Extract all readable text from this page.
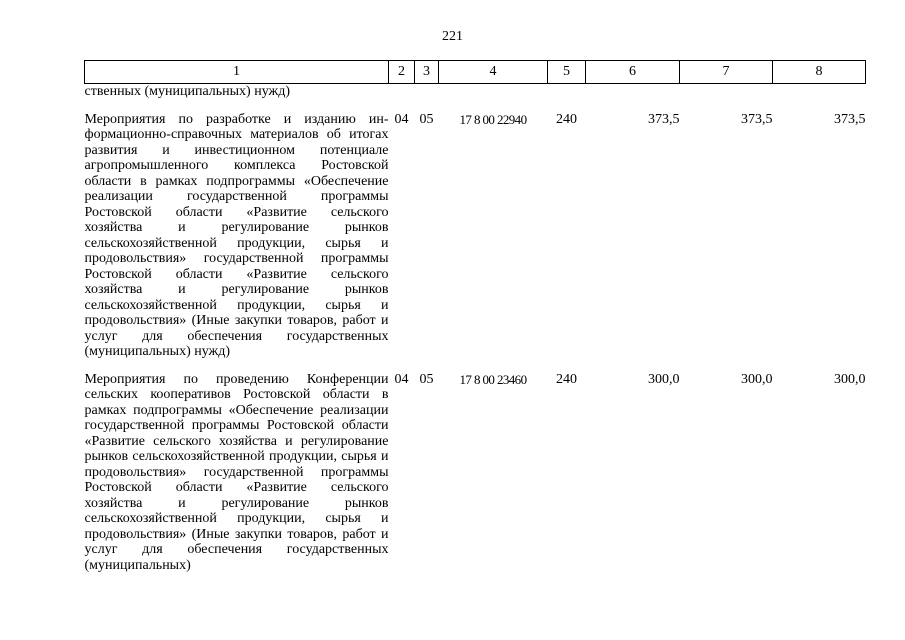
221
1	2	3	4	5	6	7	8
ственных (муниципальных) нужд)							

Мероприятия по разработке и изданию информационно-справочных материалов об итогах развития и инвестиционном потенциале агропромышленного комплекса Ростовской области в рамках подпрограммы «Обеспечение реализации государственной программы Ростовской области «Развитие сельского хозяйства и регулирование рынков сельскохозяйственной продукции, сырья и продовольствия» государственной программы Ростовской области «Развитие сельского хозяйства и регулирование рынков сельскохозяйственной продукции, сырья и продовольствия» (Иные закупки товаров, работ и услуг для обеспечения государственных (муниципальных) нужд)	04	05	17 8 00 22940	240	373,5	373,5	373,5

Мероприятия по проведению Конференции сельских кооперативов Ростовской области в рамках подпрограммы «Обеспечение реализации государственной программы Ростовской области «Развитие сельского хозяйства и регулирование рынков сельскохозяйственной продукции, сырья и продовольствия» государственной программы Ростовской области «Развитие сельского хозяйства и регулирование рынков сельскохозяйственной продукции, сырья и продовольствия» (Иные закупки товаров, работ и услуг для обеспечения государственных (муниципальных)	04	05	17 8 00 23460	240	300,0	300,0	300,0
